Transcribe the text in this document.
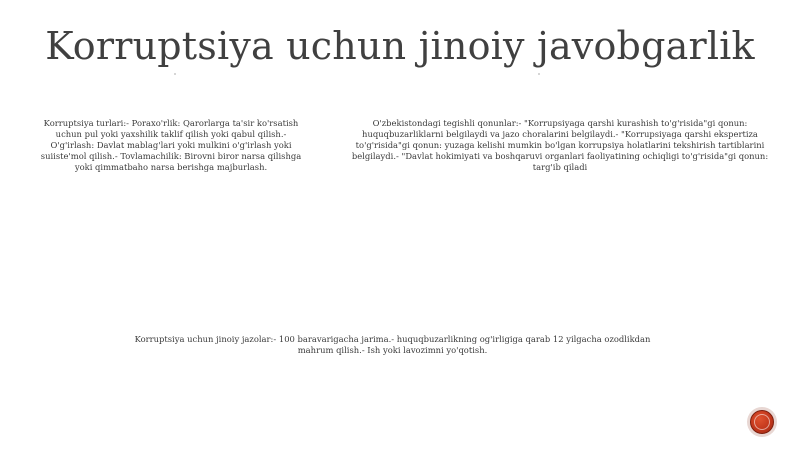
Korruptsiya uchun jinoiy javobgarlik
Korruptsiya turlari:- Poraxo'rlik: Qarorlarga ta'sir ko'rsatish uchun pul yoki yaxshilik taklif qilish yoki qabul qilish.- O'g'irlash: Davlat mablag'lari yoki mulkini o'g'irlash yoki suiiste'mol qilish.- Tovlamachilik: Birovni biror narsa qilishga yoki qimmatbaho narsa berishga majburlash.
O'zbekistondagi tegishli qonunlar:- "Korrupsiyaga qarshi kurashish to'g'risida"gi qonun: huquqbuzarliklarni belgilaydi va jazo choralarini belgilaydi.- "Korrupsiyaga qarshi ekspertiza to'g'risida"gi qonun: yuzaga kelishi mumkin bo'lgan korrupsiya holatlarini tekshirish tartiblarini belgilaydi.- "Davlat hokimiyati va boshqaruvi organlari faoliyatining ochiqligi to'g'risida"gi qonun: targ'ib qiladi
Korruptsiya uchun jinoiy jazolar:- 100 baravarigacha jarima.- huquqbuzarlikning og'irligiga qarab 12 yilgacha ozodlikdan mahrum qilish.- Ish yoki lavozimni yo'qotish.
